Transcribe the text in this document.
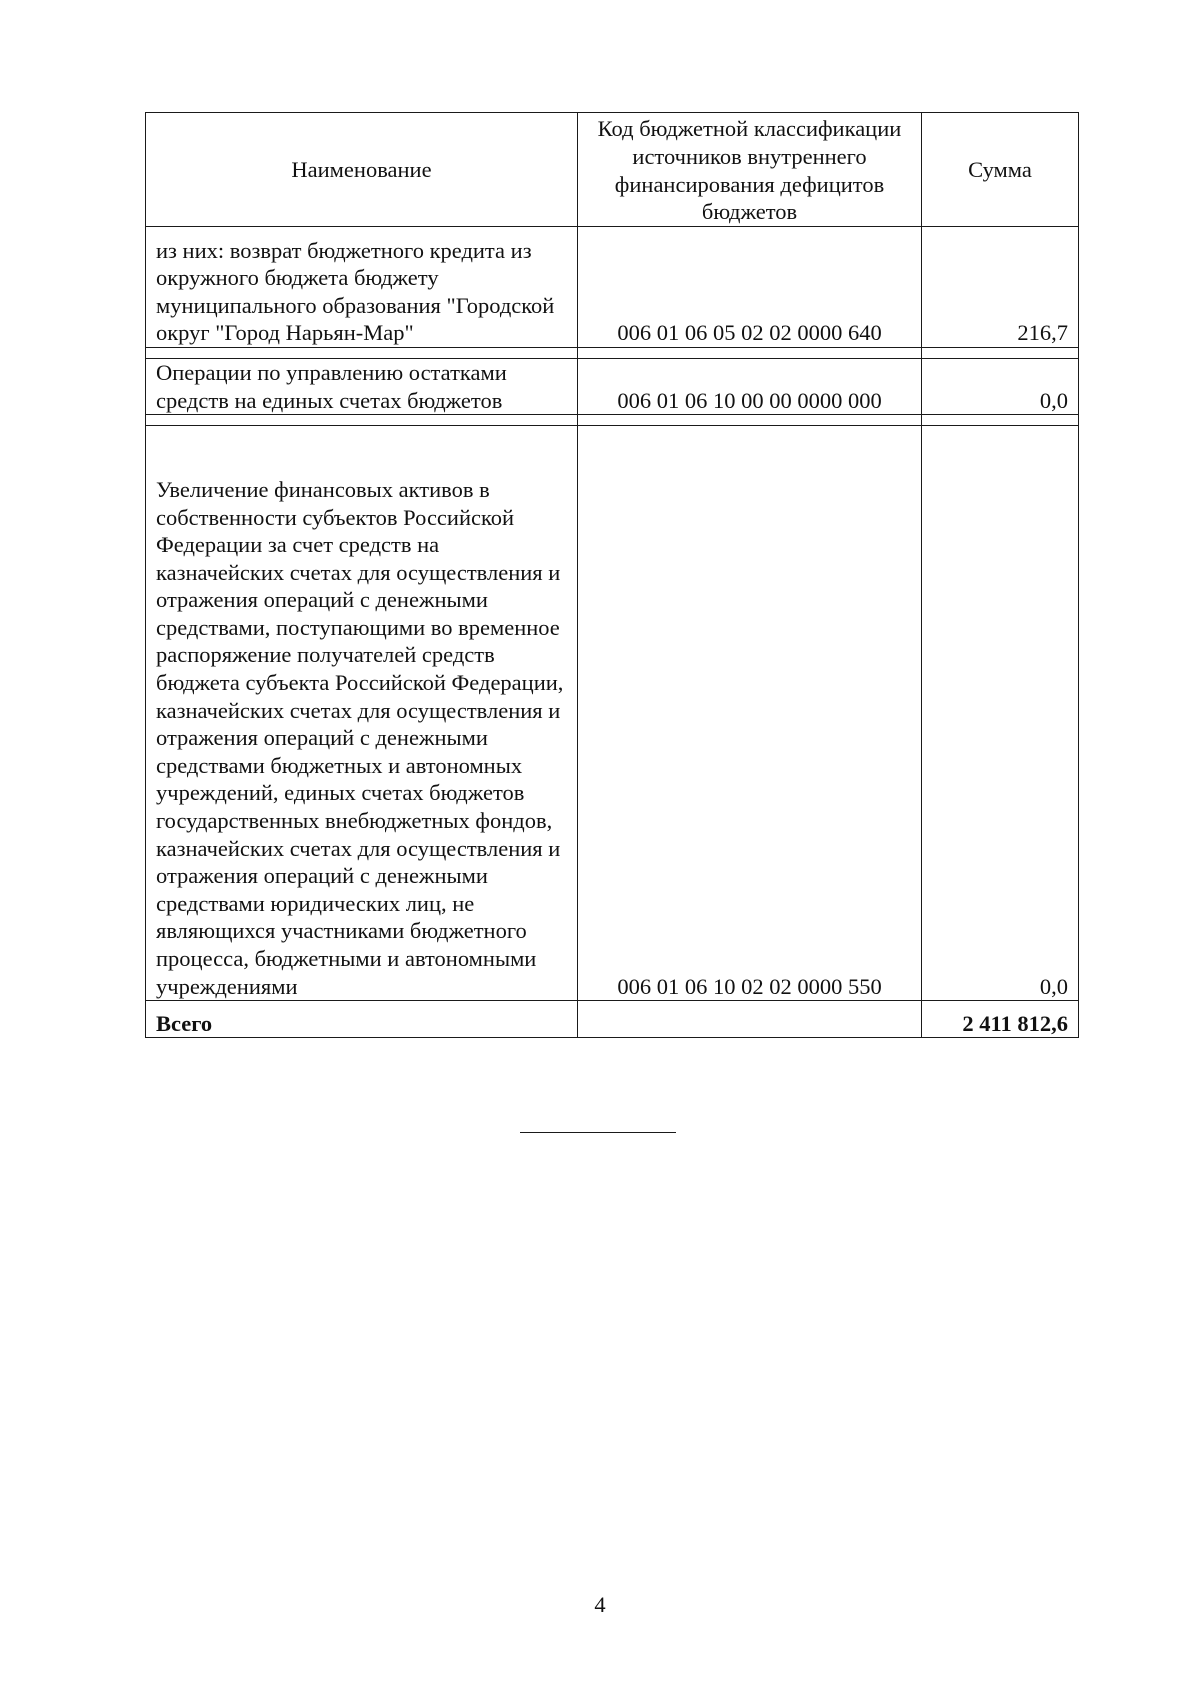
Наименование	Код бюджетной классификации источников внутреннего финансирования дефицитов бюджетов	Сумма
из них: возврат бюджетного кредита из окружного бюджета бюджету муниципального образования "Городской округ "Город Нарьян-Мар"	006 01 06 05 02 02 0000 640	216,7

Операции по управлению остатками средств на единых счетах бюджетов	006 01 06 10 00 00 0000 000	0,0

Увеличение финансовых активов в собственности субъектов Российской Федерации за счет средств на казначейских счетах для осуществления и отражения операций с денежными средствами, поступающими во временное распоряжение получателей средств бюджета субъекта Российской Федерации, казначейских счетах для осуществления и отражения операций с денежными средствами бюджетных и автономных учреждений, единых счетах бюджетов государственных внебюджетных фондов, казначейских счетах для осуществления и отражения операций с денежными средствами юридических лиц, не являющихся участниками бюджетного процесса, бюджетными и автономными учреждениями	006 01 06 10 02 02 0000 550	0,0
Всего		2 411 812,6
4
